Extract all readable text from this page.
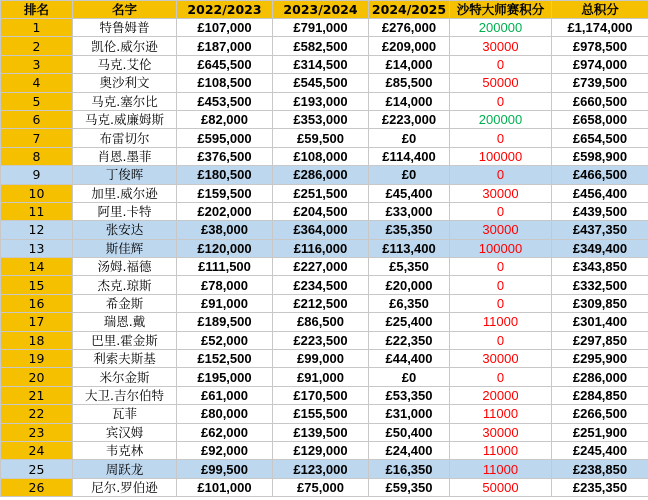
排名	名字	2022/2023	2023/2024	2024/2025	沙特大师赛积分	总积分
1	特鲁姆普	£107,000	£791,000	£276,000	200000	£1,174,000
2	凯伦.威尔逊	£187,000	£582,500	£209,000	30000	£978,500
3	马克.艾伦	£645,500	£314,500	£14,000	0	£974,000
4	奥沙利文	£108,500	£545,500	£85,500	50000	£739,500
5	马克.塞尔比	£453,500	£193,000	£14,000	0	£660,500
6	马克.威廉姆斯	£82,000	£353,000	£223,000	200000	£658,000
7	布雷切尔	£595,000	£59,500	£0	0	£654,500
8	肖恩.墨菲	£376,500	£108,000	£114,400	100000	£598,900
9	丁俊晖	£180,500	£286,000	£0	0	£466,500
10	加里.威尔逊	£159,500	£251,500	£45,400	30000	£456,400
11	阿里.卡特	£202,000	£204,500	£33,000	0	£439,500
12	张安达	£38,000	£364,000	£35,350	30000	£437,350
13	斯佳辉	£120,000	£116,000	£113,400	100000	£349,400
14	汤姆.福德	£111,500	£227,000	£5,350	0	£343,850
15	杰克.琼斯	£78,000	£234,500	£20,000	0	£332,500
16	希金斯	£91,000	£212,500	£6,350	0	£309,850
17	瑞恩.戴	£189,500	£86,500	£25,400	11000	£301,400
18	巴里.霍金斯	£52,000	£223,500	£22,350	0	£297,850
19	利索夫斯基	£152,500	£99,000	£44,400	30000	£295,900
20	米尔金斯	£195,000	£91,000	£0	0	£286,000
21	大卫.吉尔伯特	£61,000	£170,500	£53,350	20000	£284,850
22	瓦菲	£80,000	£155,500	£31,000	11000	£266,500
23	宾汉姆	£62,000	£139,500	£50,400	30000	£251,900
24	韦克林	£92,000	£129,000	£24,400	11000	£245,400
25	周跃龙	£99,500	£123,000	£16,350	11000	£238,850
26	尼尔.罗伯逊	£101,000	£75,000	£59,350	50000	£235,350
